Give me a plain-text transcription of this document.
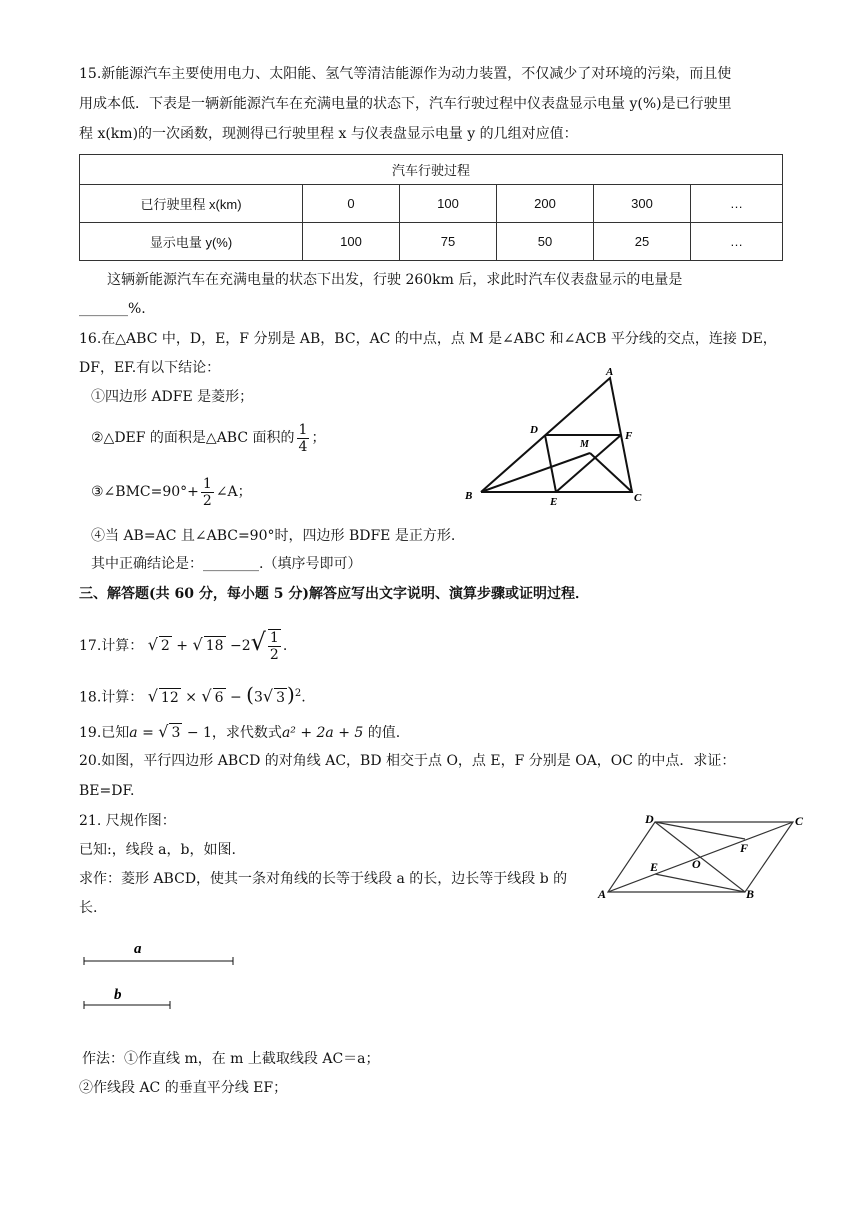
15.新能源汽车主要使用电力、太阳能、氢气等清洁能源作为动力装置，不仅减少了对环境的污染，而且使
用成本低．下表是一辆新能源汽车在充满电量的状态下，汽车行驶过程中仪表盘显示电量 y(%)是已行驶里
程 x(km)的一次函数，现测得已行驶里程 x 与仪表盘显示电量 y 的几组对应值：
汽车行驶过程					
已行驶里程 x(km)	0	100	200	300	…
显示电量 y(%)	100	75	50	25	…
这辆新能源汽车在充满电量的状态下出发，行驶 260km 后，求此时汽车仪表盘显示的电量是
_______%.
16.在△ABC 中，D，E，F 分别是 AB，BC，AC 的中点，点 M 是∠ABC 和∠ACB 平分线的交点，连接 DE，
DF，EF.有以下结论：
①四边形 ADFE 是菱形；
②△DEF 的面积是△ABC 面积的 $\frac{1}{4}$ ；
③∠BMC=90°+ $\frac{1}{2}$ ∠A；
④当 AB=AC 且∠ABC=90°时，四边形 BDFE 是正方形.
其中正确结论是：________.（填序号即可）
A
B	C
D
E
F
M
三、解答题(共 60 分，每小题 5 分)解答应写出文字说明、演算步骤或证明过程．
17.计算： √ 2 + √ $18 -2√ \frac{1}{2}$ .
18.计算： √ 12 × √ 6 − (3√ 3 )$^2$.
19.已知a = √ 3 − 1，求代数式a² + 2a + 5 的值.
20.如图，平行四边形 ABCD 的对角线 AC，BD 相交于点 O，点 E，F 分别是 OA，OC 的中点．求证：
BE=DF.
A	B
C
D
E
F
O
21. 尺规作图：
已知:，线段 a，b，如图.
求作：菱形 ABCD，使其一条对角线的长等于线段 a 的长，边长等于线段 b 的
长.
a
b
作法：①作直线 m，在 m 上截取线段 AC＝a；
②作线段 AC 的垂直平分线 EF；
